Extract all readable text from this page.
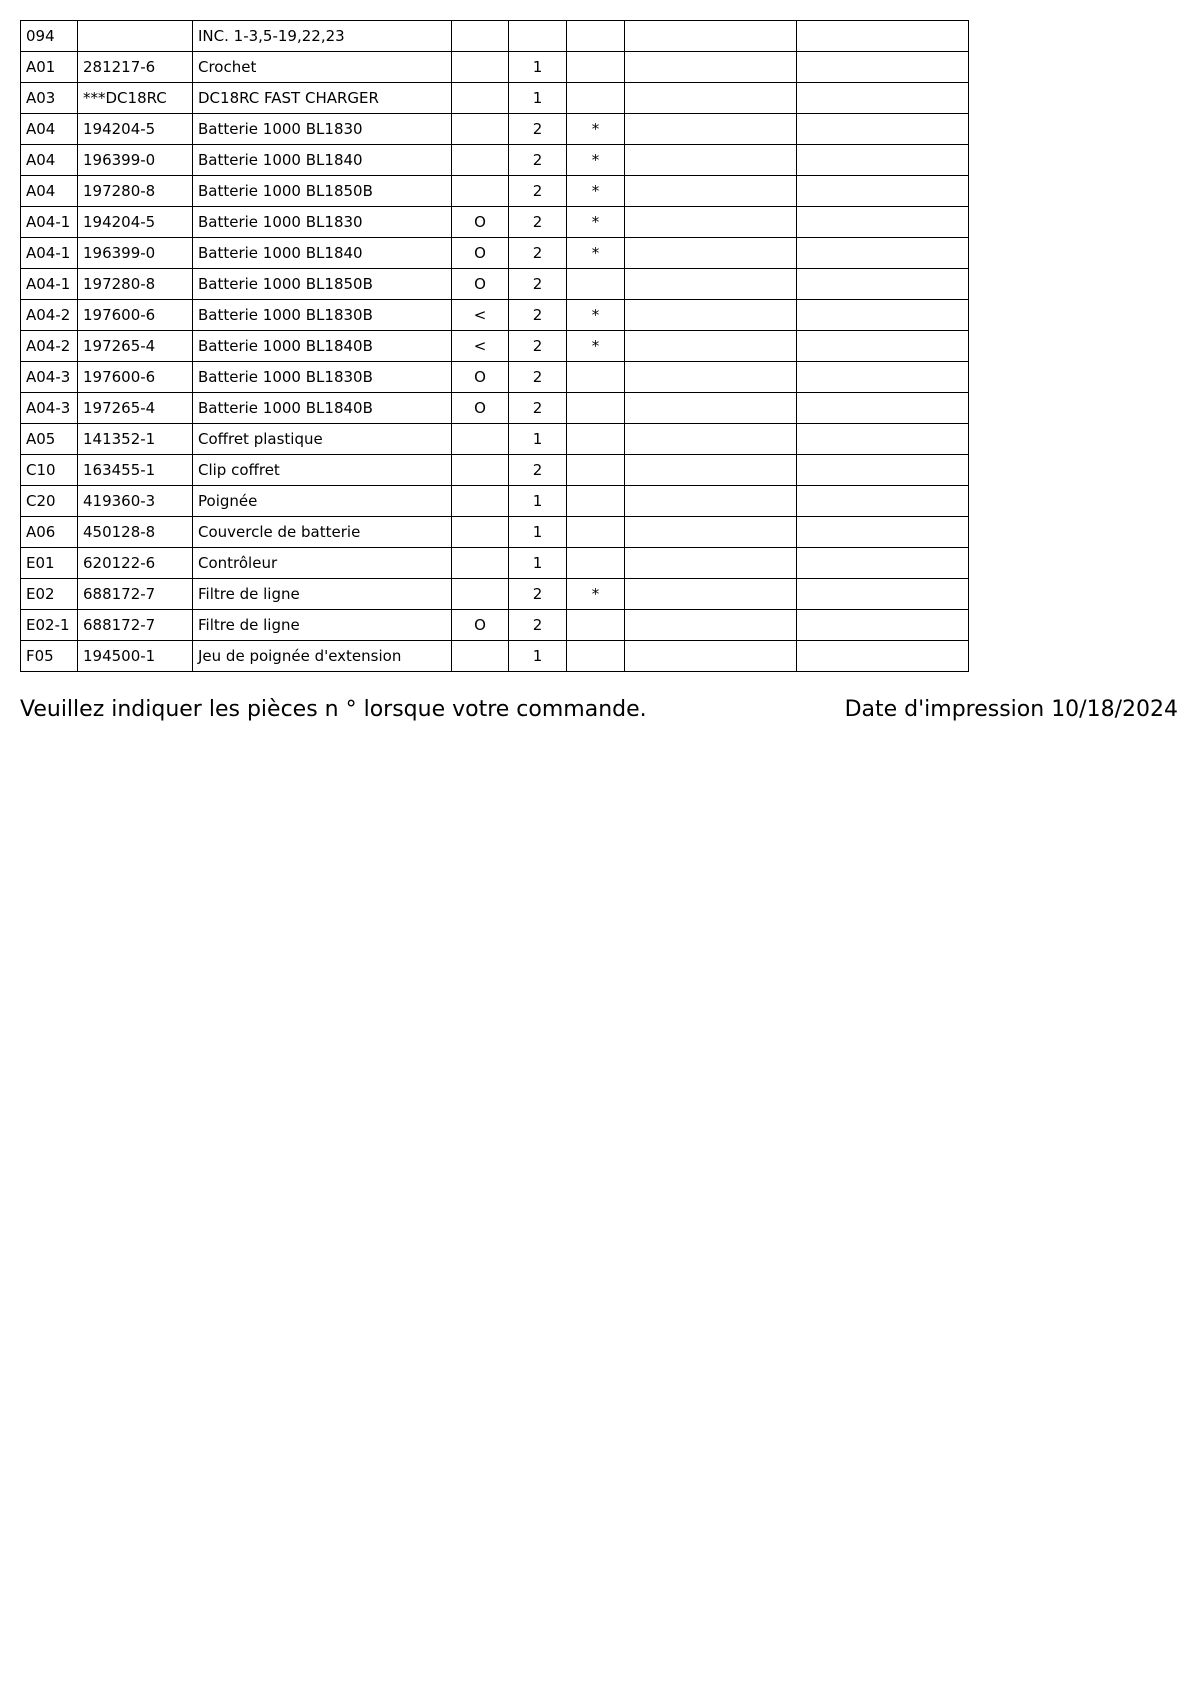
094		INC. 1-3,5-19,22,23					
A01	281217-6	Crochet		1			
A03	***DC18RC	DC18RC FAST CHARGER		1			
A04	194204-5	Batterie 1000 BL1830		2	*		
A04	196399-0	Batterie 1000 BL1840		2	*		
A04	197280-8	Batterie 1000 BL1850B		2	*		
A04-1	194204-5	Batterie 1000 BL1830	O	2	*		
A04-1	196399-0	Batterie 1000 BL1840	O	2	*		
A04-1	197280-8	Batterie 1000 BL1850B	O	2			
A04-2	197600-6	Batterie 1000 BL1830B	<	2	*		
A04-2	197265-4	Batterie 1000 BL1840B	<	2	*		
A04-3	197600-6	Batterie 1000 BL1830B	O	2			
A04-3	197265-4	Batterie 1000 BL1840B	O	2			
A05	141352-1	Coffret plastique		1			
C10	163455-1	Clip coffret		2			
C20	419360-3	Poignée		1			
A06	450128-8	Couvercle de batterie		1			
E01	620122-6	Contrôleur		1			
E02	688172-7	Filtre de ligne		2	*		
E02-1	688172-7	Filtre de ligne	O	2			
F05	194500-1	Jeu de poignée d'extension		1			
Veuillez indiquer les pièces n ° lorsque votre commande.	Date d'impression 10/18/2024
